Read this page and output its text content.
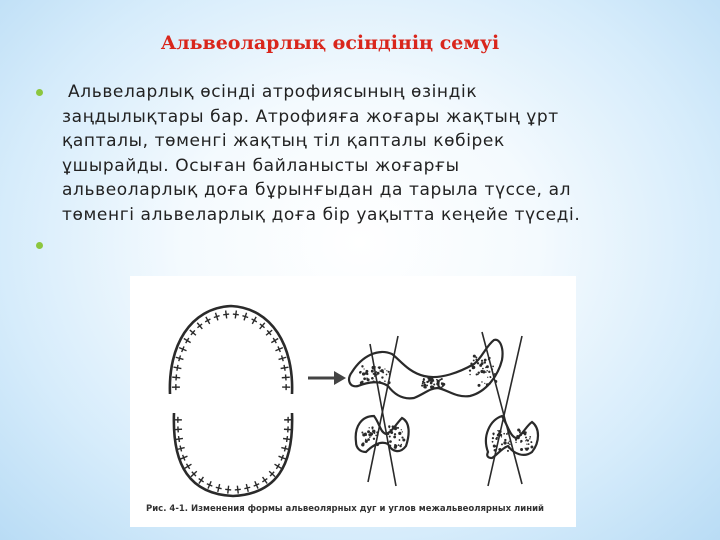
Альвеоларлық өсіндінің семуі
Альвеларлық өсінді атрофиясының өзіндік
заңдылықтары бар. Атрофияға жоғары жақтың ұрт
қапталы, төменгі жақтың тіл қапталы көбірек
ұшырайды. Осыған байланысты жоғарғы
альвеоларлық доға бұрынғыдан да тарыла түссе, ал
төменгі альвеларлық доға бір уақытта кеңейе түседі.
Рис. 4-1. Изменения формы альвеолярных дуг и углов межальвеолярных линий
